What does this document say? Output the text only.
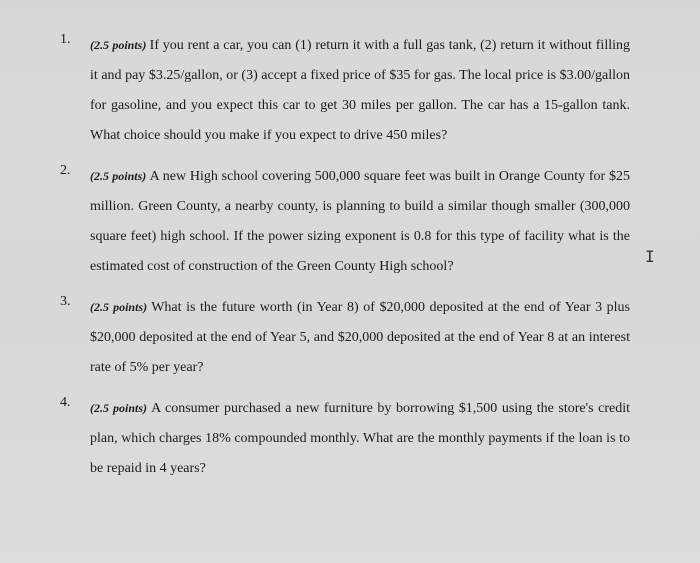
1.	(2.5 points) If you rent a car, you can (1) return it with a full gas tank, (2) return it without filling it and pay $3.25/gallon, or (3) accept a fixed price of $35 for gas. The local price is $3.00/gallon for gasoline, and you expect this car to get 30 miles per gallon. The car has a 15-gallon tank. What choice should you make if you expect to drive 450 miles?
2.	(2.5 points) A new High school covering 500,000 square feet was built in Orange County for $25 million. Green County, a nearby county, is planning to build a similar though smaller (300,000 square feet) high school. If the power sizing exponent is 0.8 for this type of facility what is the estimated cost of construction of the Green County High school?
3.	(2.5 points) What is the future worth (in Year 8) of $20,000 deposited at the end of Year 3 plus $20,000 deposited at the end of Year 5, and $20,000 deposited at the end of Year 8 at an interest rate of 5% per year?
4.	(2.5 points) A consumer purchased a new furniture by borrowing $1,500 using the store's credit plan, which charges 18% compounded monthly. What are the monthly payments if the loan is to be repaid in 4 years?
I
